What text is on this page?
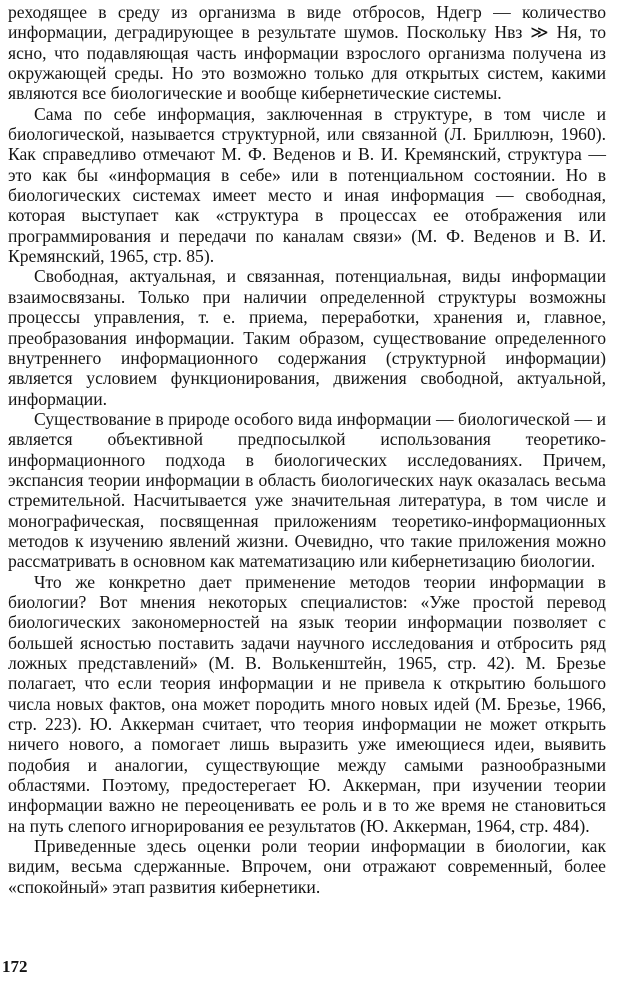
реходящее в среду из организма в виде отбросов, Hдегр — количество информации, деградирующее в результате шумов. Поскольку Hвз ≫ Hя, то ясно, что подавляющая часть информации взрослого организма получена из окружающей среды. Но это возможно только для открытых систем, какими являются все биологические и вообще кибернетические системы.

Сама по себе информация, заключенная в структуре, в том числе и биологической, называется структурной, или связанной (Л. Бриллюэн, 1960). Как справедливо отмечают М. Ф. Веденов и В. И. Кремянский, структура — это как бы «информация в себе» или в потенциальном состоянии. Но в биологических системах имеет место и иная информация — свободная, которая выступает как «структура в процессах ее отображения или программирования и передачи по каналам связи» (М. Ф. Веденов и В. И. Кремянский, 1965, стр. 85).

Свободная, актуальная, и связанная, потенциальная, виды информации взаимосвязаны. Только при наличии определенной структуры возможны процессы управления, т. е. приема, переработки, хранения и, главное, преобразования информации. Таким образом, существование определенного внутреннего информационного содержания (структурной информации) является условием функционирования, движения свободной, актуальной, информации.

Существование в природе особого вида информации — биологической — и является объективной предпосылкой использования теоретико-информационного подхода в биологических исследованиях. Причем, экспансия теории информации в область биологических наук оказалась весьма стремительной. Насчитывается уже значительная литература, в том числе и монографическая, посвященная приложениям теоретико-информационных методов к изучению явлений жизни. Очевидно, что такие приложения можно рассматривать в основном как математизацию или кибернетизацию биологии.

Что же конкретно дает применение методов теории информации в биологии? Вот мнения некоторых специалистов: «Уже простой перевод биологических закономерностей на язык теории информации позволяет с большей ясностью поставить задачи научного исследования и отбросить ряд ложных представлений» (М. В. Волькенштейн, 1965, стр. 42). М. Брезье полагает, что если теория информации и не привела к открытию большого числа новых фактов, она может породить много новых идей (М. Брезье, 1966, стр. 223). Ю. Аккерман считает, что теория информации не может открыть ничего нового, а помогает лишь выразить уже имеющиеся идеи, выявить подобия и аналогии, существующие между самыми разнообразными областями. Поэтому, предостерегает Ю. Аккерман, при изучении теории информации важно не переоценивать ее роль и в то же время не становиться на путь слепого игнорирования ее результатов (Ю. Аккерман, 1964, стр. 484).

Приведенные здесь оценки роли теории информации в биологии, как видим, весьма сдержанные. Впрочем, они отражают современный, более «спокойный» этап развития кибернетики.

172
